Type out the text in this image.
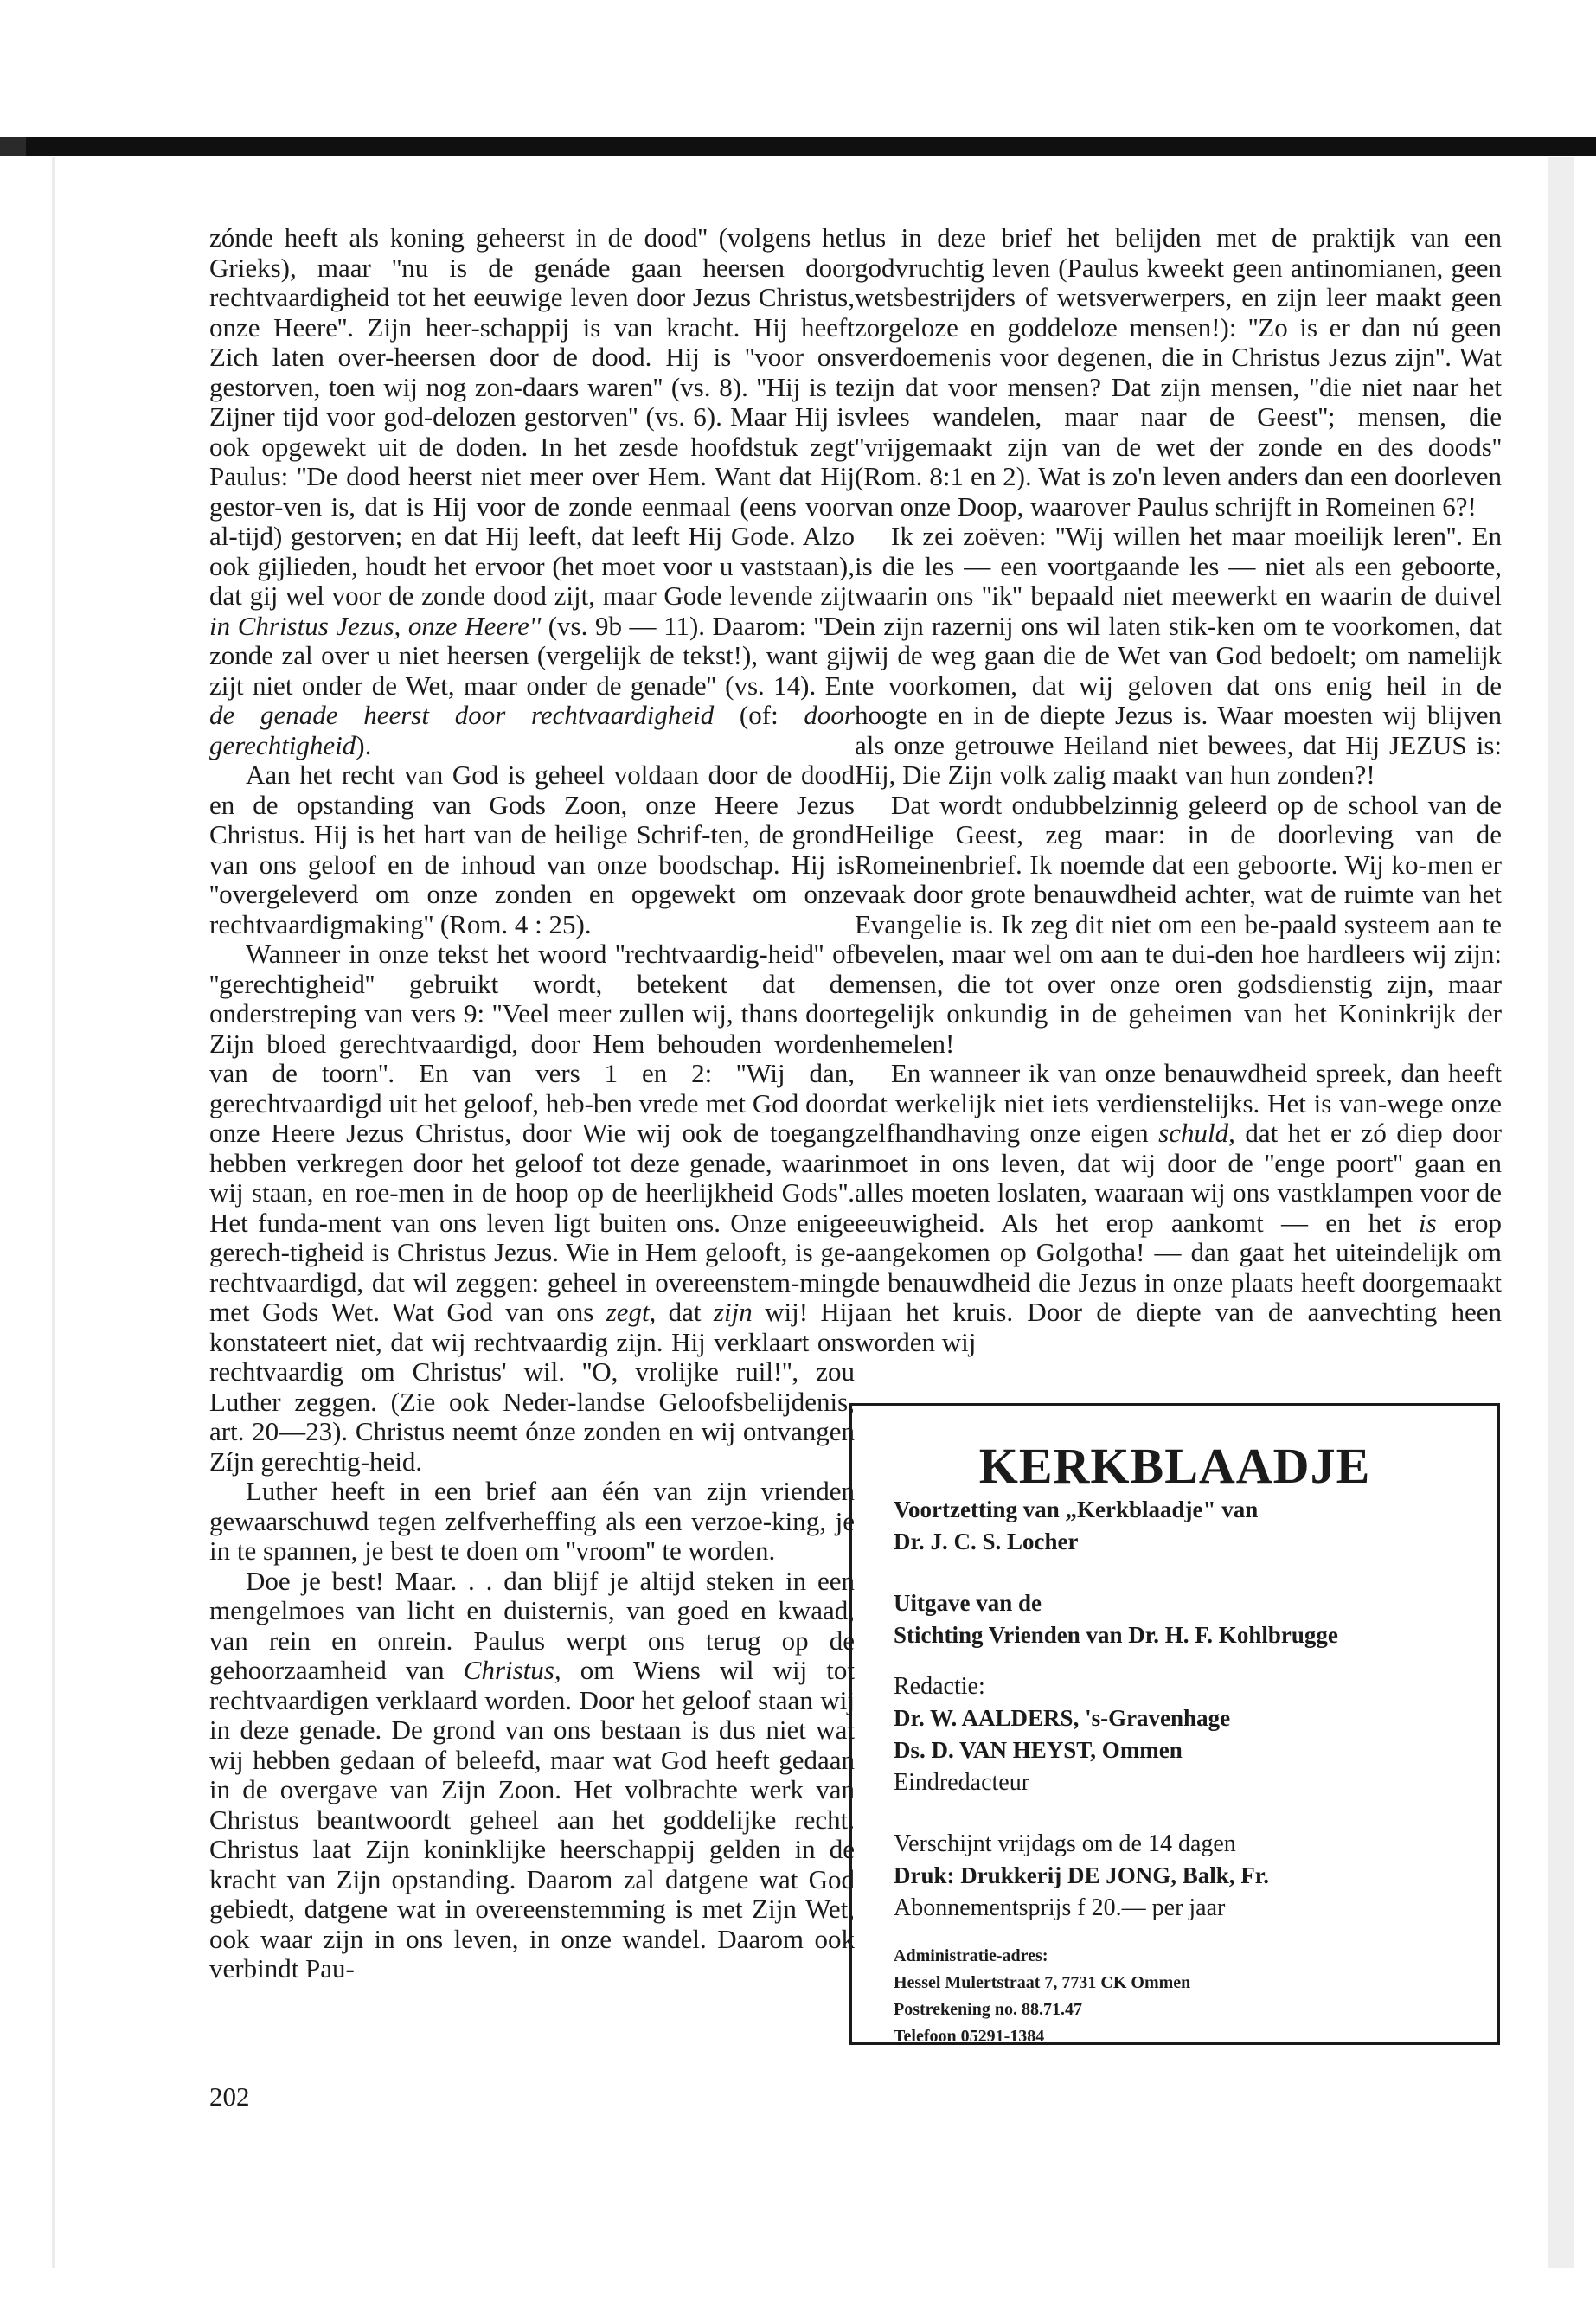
zónde heeft als koning geheerst in de dood'' (volgens het Grieks), maar ''nu is de genáde gaan heersen door rechtvaardigheid tot het eeuwige leven door Jezus Christus, onze Heere''. Zijn heer-schappij is van kracht. Hij heeft Zich laten over-heersen door de dood. Hij is ''voor ons gestorven, toen wij nog zon-daars waren'' (vs. 8). ''Hij is te Zijner tijd voor god-delozen gestorven'' (vs. 6). Maar Hij is ook opgewekt uit de doden. In het zesde hoofdstuk zegt Paulus: ''De dood heerst niet meer over Hem. Want dat Hij gestor-ven is, dat is Hij voor de zonde eenmaal (eens voor al-tijd) gestorven; en dat Hij leeft, dat leeft Hij Gode. Alzo ook gijlieden, houdt het ervoor (het moet voor u vaststaan), dat gij wel voor de zonde dood zijt, maar Gode levende zijt in Christus Jezus, onze Heere'' (vs. 9b — 11). Daarom: ''De zonde zal over u niet heersen (vergelijk de tekst!), want gij zijt niet onder de Wet, maar onder de genade'' (vs. 14). En de genade heerst door rechtvaardigheid (of: door gerechtigheid).

Aan het recht van God is geheel voldaan door de dood en de opstanding van Gods Zoon, onze Heere Jezus Christus. Hij is het hart van de heilige Schrif-ten, de grond van ons geloof en de inhoud van onze boodschap. Hij is ''overgeleverd om onze zonden en opgewekt om onze rechtvaardigmaking'' (Rom. 4 : 25).

Wanneer in onze tekst het woord ''rechtvaardig-heid'' of ''gerechtigheid'' gebruikt wordt, betekent dat de onderstreping van vers 9: ''Veel meer zullen wij, thans door Zijn bloed gerechtvaardigd, door Hem behouden worden van de toorn''. En van vers 1 en 2: ''Wij dan, gerechtvaardigd uit het geloof, heb-ben vrede met God door onze Heere Jezus Christus, door Wie wij ook de toegang hebben verkregen door het geloof tot deze genade, waarin wij staan, en roe-men in de hoop op de heerlijkheid Gods''. Het funda-ment van ons leven ligt buiten ons. Onze enige gerech-tigheid is Christus Jezus. Wie in Hem gelooft, is ge-rechtvaardigd, dat wil zeggen: geheel in overeenstem-ming met Gods Wet. Wat God van ons zegt, dat zijn wij! Hij konstateert niet, dat wij rechtvaardig zijn. Hij verklaart ons rechtvaardig om Christus' wil. ''O, vrolijke ruil!'', zou Luther zeggen. (Zie ook Neder-landse Geloofsbelijdenis, art. 20—23). Christus neemt ónze zonden en wij ontvangen Zíjn gerechtig-heid.

Luther heeft in een brief aan één van zijn vrienden gewaarschuwd tegen zelfverheffing als een verzoe-king, je in te spannen, je best te doen om ''vroom'' te worden.

Doe je best! Maar. . . dan blijf je altijd steken in een mengelmoes van licht en duisternis, van goed en kwaad, van rein en onrein. Paulus werpt ons terug op de gehoorzaamheid van Christus, om Wiens wil wij tot rechtvaardigen verklaard worden. Door het geloof staan wij in deze genade. De grond van ons bestaan is dus niet wat wij hebben gedaan of beleefd, maar wat God heeft gedaan in de overgave van Zijn Zoon. Het volbrachte werk van Christus beantwoordt geheel aan het goddelijke recht. Christus laat Zijn koninklijke heerschappij gelden in de kracht van Zijn opstanding. Daarom zal datgene wat God gebiedt, datgene wat in overeenstemming is met Zijn Wet, ook waar zijn in ons leven, in onze wandel. Daarom ook verbindt Pau-

lus in deze brief het belijden met de praktijk van een godvruchtig leven (Paulus kweekt geen antinomianen, geen wetsbestrijders of wetsverwerpers, en zijn leer maakt geen zorgeloze en goddeloze mensen!): ''Zo is er dan nú geen verdoemenis voor degenen, die in Christus Jezus zijn''. Wat zijn dat voor mensen? Dat zijn mensen, ''die niet naar het vlees wandelen, maar naar de Geest''; mensen, die ''vrijgemaakt zijn van de wet der zonde en des doods'' (Rom. 8:1 en 2). Wat is zo'n leven anders dan een doorleven van onze Doop, waarover Paulus schrijft in Romeinen 6?!

Ik zei zoëven: ''Wij willen het maar moeilijk leren''. En is die les — een voortgaande les — niet als een geboorte, waarin ons ''ik'' bepaald niet meewerkt en waarin de duivel in zijn razernij ons wil laten stik-ken om te voorkomen, dat wij de weg gaan die de Wet van God bedoelt; om namelijk te voorkomen, dat wij geloven dat ons enig heil in de hoogte en in de diepte Jezus is. Waar moesten wij blijven als onze getrouwe Heiland niet bewees, dat Hij JEZUS is: Hij, Die Zijn volk zalig maakt van hun zonden?!

Dat wordt ondubbelzinnig geleerd op de school van de Heilige Geest, zeg maar: in de doorleving van de Romeinenbrief. Ik noemde dat een geboorte. Wij ko-men er vaak door grote benauwdheid achter, wat de ruimte van het Evangelie is. Ik zeg dit niet om een be-paald systeem aan te bevelen, maar wel om aan te dui-den hoe hardleers wij zijn: mensen, die tot over onze oren godsdienstig zijn, maar tegelijk onkundig in de geheimen van het Koninkrijk der hemelen!

En wanneer ik van onze benauwdheid spreek, dan heeft dat werkelijk niet iets verdienstelijks. Het is van-wege onze zelfhandhaving onze eigen schuld, dat het er zó diep door moet in ons leven, dat wij door de ''enge poort'' gaan en alles moeten loslaten, waaraan wij ons vastklampen voor de eeuwigheid. Als het erop aankomt — en het is erop aangekomen op Golgotha! — dan gaat het uiteindelijk om de benauwdheid die Jezus in onze plaats heeft doorgemaakt aan het kruis. Door de diepte van de aanvechting heen worden wij

202
KERKBLAADJE
Voortzetting van „Kerkblaadje" van
Dr. J. C. S. Locher
Uitgave van de
Stichting Vrienden van Dr. H. F. Kohlbrugge
Redactie:
Dr. W. AALDERS, 's-Gravenhage
Ds. D. VAN HEYST, Ommen
Eindredacteur
Verschijnt vrijdags om de 14 dagen
Druk: Drukkerij DE JONG, Balk, Fr.
Abonnementsprijs f 20.— per jaar
Administratie-adres:
Hessel Mulertstraat 7, 7731 CK Ommen
Postrekening no. 88.71.47
Telefoon 05291-1384
